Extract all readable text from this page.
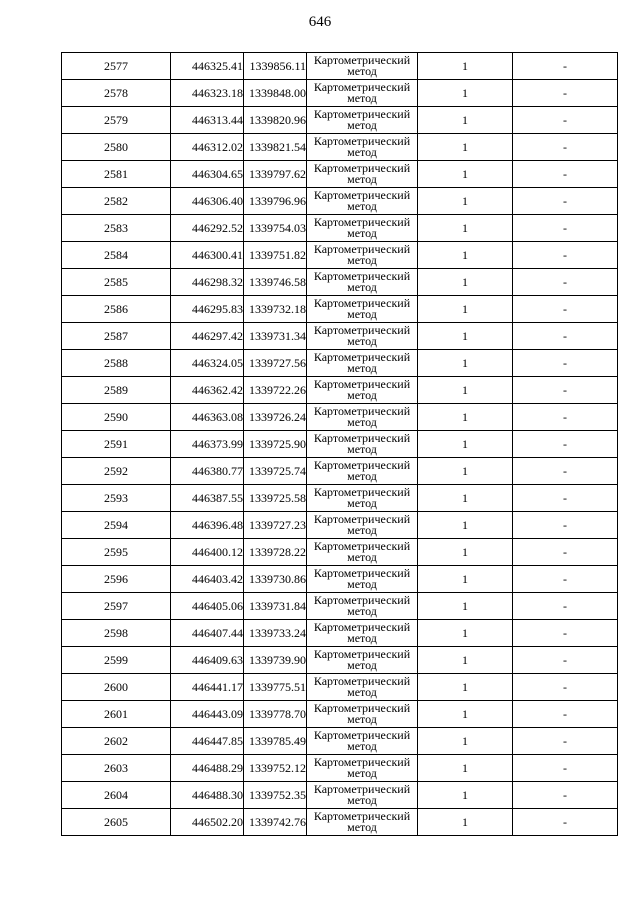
646
2577	446325.41	1339856.11	Картометрический
метод	1	-
2578	446323.18	1339848.00	Картометрический
метод	1	-
2579	446313.44	1339820.96	Картометрический
метод	1	-
2580	446312.02	1339821.54	Картометрический
метод	1	-
2581	446304.65	1339797.62	Картометрический
метод	1	-
2582	446306.40	1339796.96	Картометрический
метод	1	-
2583	446292.52	1339754.03	Картометрический
метод	1	-
2584	446300.41	1339751.82	Картометрический
метод	1	-
2585	446298.32	1339746.58	Картометрический
метод	1	-
2586	446295.83	1339732.18	Картометрический
метод	1	-
2587	446297.42	1339731.34	Картометрический
метод	1	-
2588	446324.05	1339727.56	Картометрический
метод	1	-
2589	446362.42	1339722.26	Картометрический
метод	1	-
2590	446363.08	1339726.24	Картометрический
метод	1	-
2591	446373.99	1339725.90	Картометрический
метод	1	-
2592	446380.77	1339725.74	Картометрический
метод	1	-
2593	446387.55	1339725.58	Картометрический
метод	1	-
2594	446396.48	1339727.23	Картометрический
метод	1	-
2595	446400.12	1339728.22	Картометрический
метод	1	-
2596	446403.42	1339730.86	Картометрический
метод	1	-
2597	446405.06	1339731.84	Картометрический
метод	1	-
2598	446407.44	1339733.24	Картометрический
метод	1	-
2599	446409.63	1339739.90	Картометрический
метод	1	-
2600	446441.17	1339775.51	Картометрический
метод	1	-
2601	446443.09	1339778.70	Картометрический
метод	1	-
2602	446447.85	1339785.49	Картометрический
метод	1	-
2603	446488.29	1339752.12	Картометрический
метод	1	-
2604	446488.30	1339752.35	Картометрический
метод	1	-
2605	446502.20	1339742.76	Картометрический
метод	1	-
